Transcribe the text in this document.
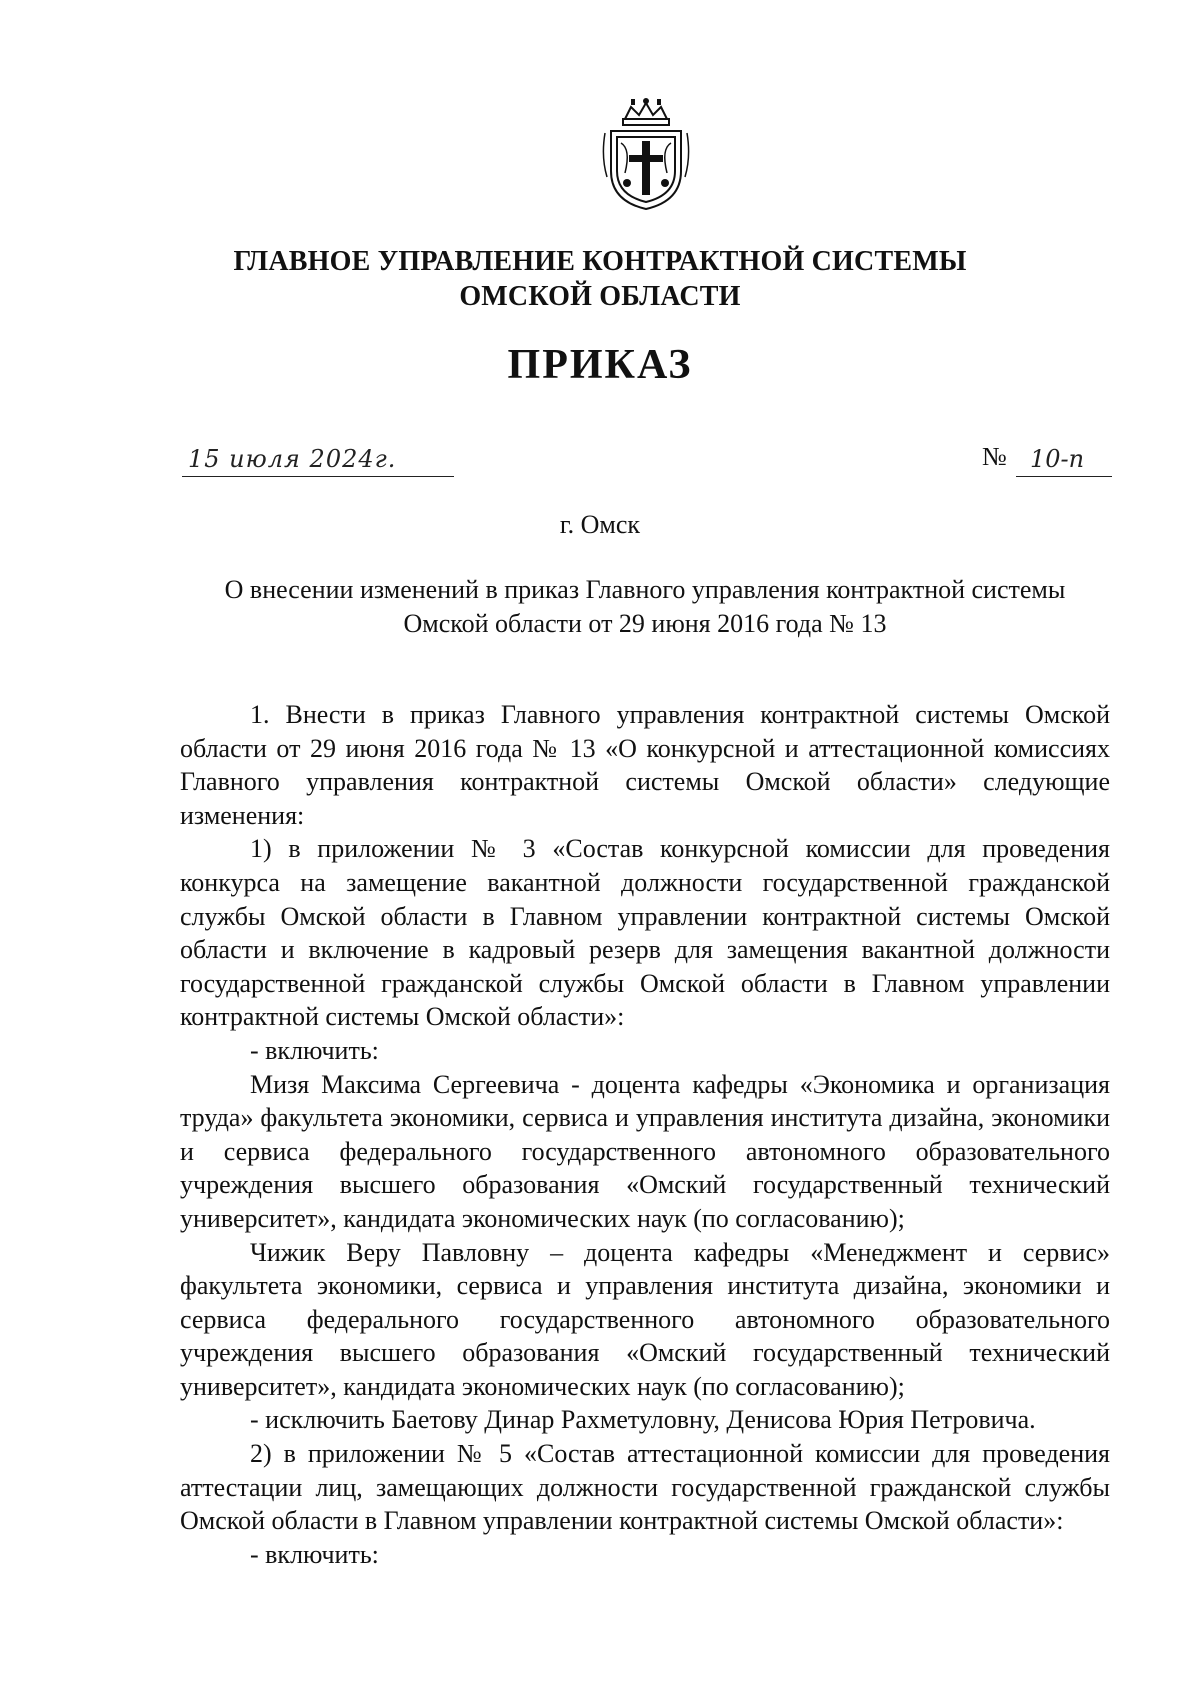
ГЛАВНОЕ УПРАВЛЕНИЕ КОНТРАКТНОЙ СИСТЕМЫ
ОМСКОЙ ОБЛАСТИ
ПРИКАЗ
15 июля 2024г.	№ 10-п
г. Омск
О внесении изменений в приказ Главного управления контрактной системы
Омской области от 29 июня 2016 года № 13

1. Внести в приказ Главного управления контрактной системы Омской области от 29 июня 2016 года № 13 «О конкурсной и аттестационной комиссиях Главного управления контрактной системы Омской области» следующие изменения:

1) в приложении № 3 «Состав конкурсной комиссии для проведения конкурса на замещение вакантной должности государственной гражданской службы Омской области в Главном управлении контрактной системы Омской области и включение в кадровый резерв для замещения вакантной должности государственной гражданской службы Омской области в Главном управлении контрактной системы Омской области»:

- включить:

Мизя Максима Сергеевича - доцента кафедры «Экономика и организация труда» факультета экономики, сервиса и управления института дизайна, экономики и сервиса федерального государственного автономного образовательного учреждения высшего образования «Омский государственный технический университет», кандидата экономических наук (по согласованию);

Чижик Веру Павловну – доцента кафедры «Менеджмент и сервис» факультета экономики, сервиса и управления института дизайна, экономики и сервиса федерального государственного автономного образовательного учреждения высшего образования «Омский государственный технический университет», кандидата экономических наук (по согласованию);

- исключить Баетову Динар Рахметуловну, Денисова Юрия Петровича.

2) в приложении № 5 «Состав аттестационной комиссии для проведения аттестации лиц, замещающих должности государственной гражданской службы Омской области в Главном управлении контрактной системы Омской области»:

- включить:
